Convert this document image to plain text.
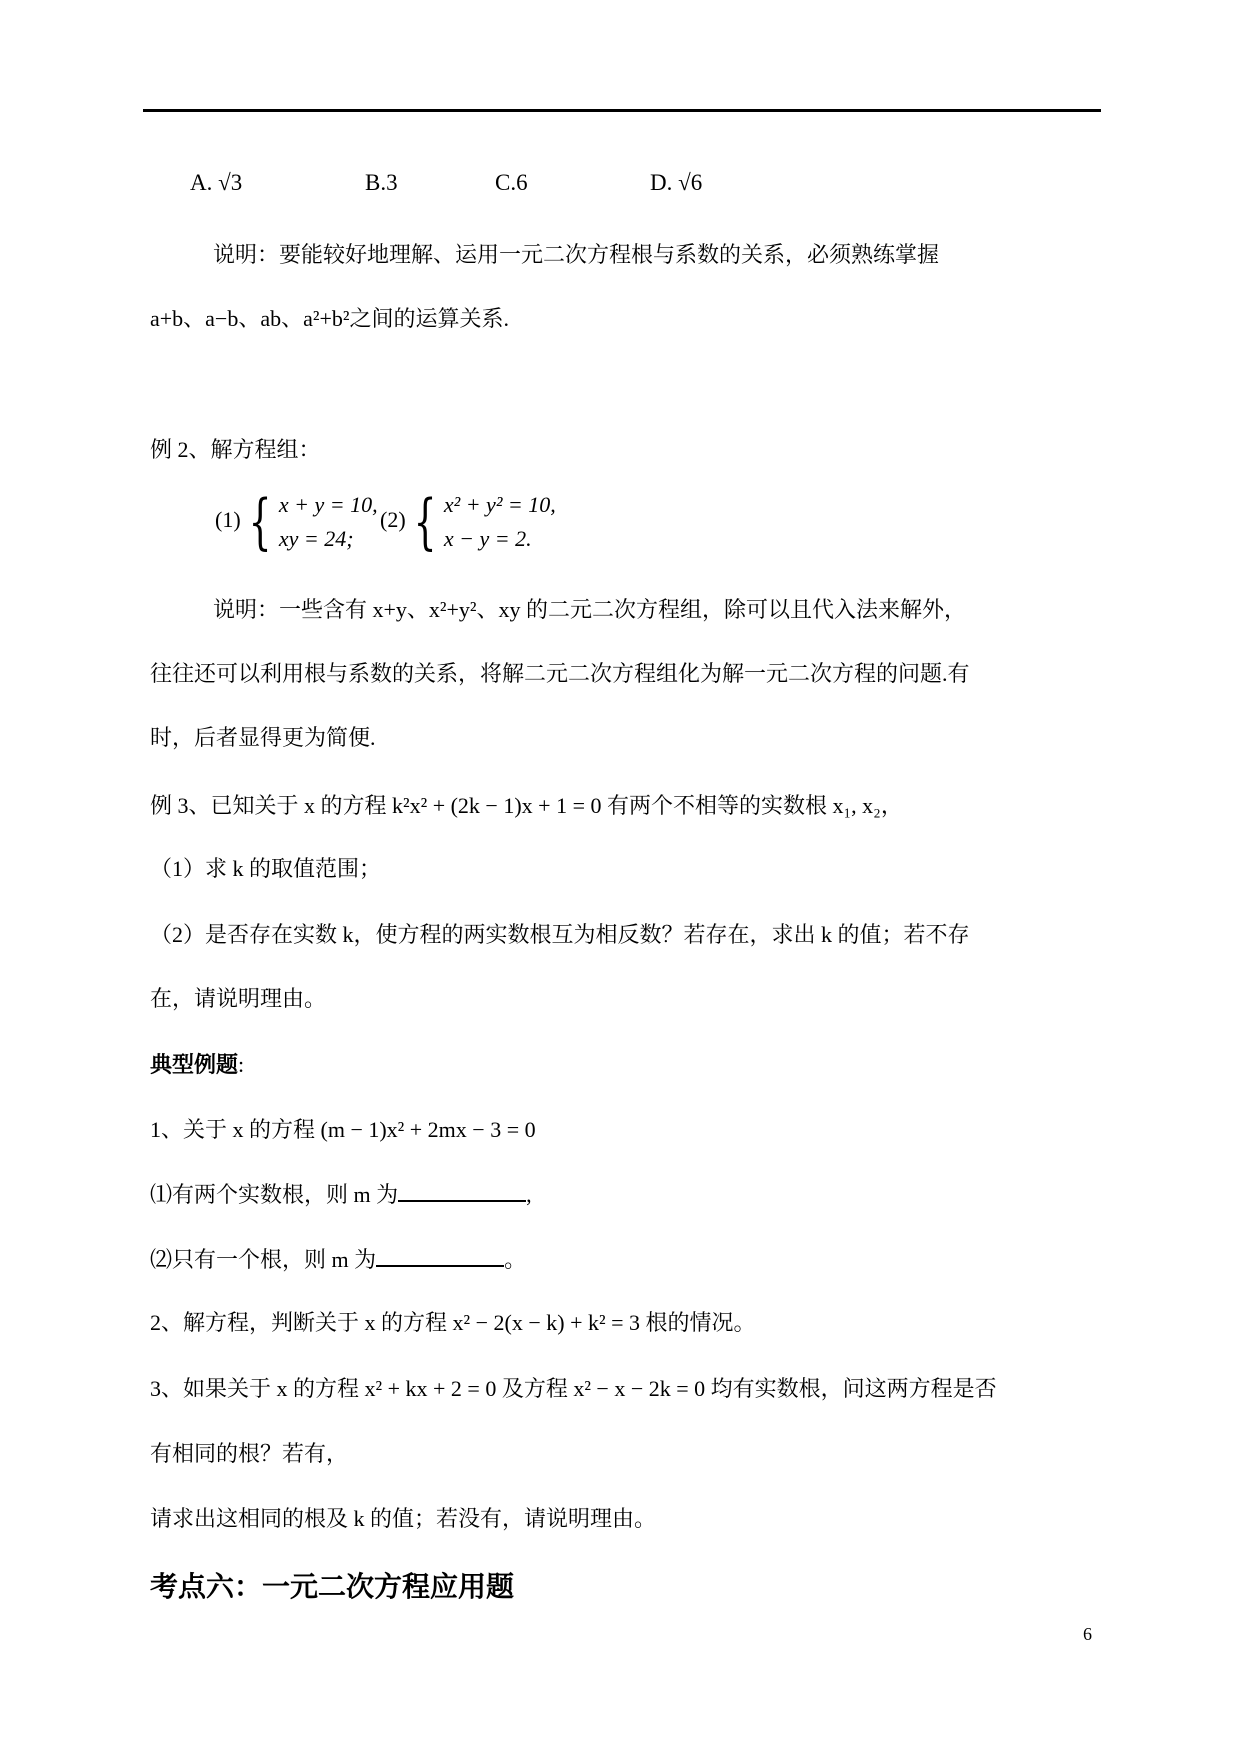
A. √3	B.3	C.6	D. √6
说明：要能较好地理解、运用一元二次方程根与系数的关系，必须熟练掌握
a+b、a−b、ab、a²+b²之间的运算关系.
例 2、解方程组：
(1) { x + y = 10,
xy = 24;
(2) { x² + y² = 10,
x − y = 2.
说明：一些含有 x+y、x²+y²、xy 的二元二次方程组，除可以且代入法来解外，
往往还可以利用根与系数的关系，将解二元二次方程组化为解一元二次方程的问题.有
时，后者显得更为简便.
例 3、已知关于 x 的方程 k²x² + (2k − 1)x + 1 = 0 有两个不相等的实数根 x₁, x₂，
（1）求 k 的取值范围；
（2）是否存在实数 k，使方程的两实数根互为相反数？若存在，求出 k 的值；若不存
在，请说明理由。
典型例题:
1、关于 x 的方程 (m − 1)x² + 2mx − 3 = 0
⑴有两个实数根，则 m 为	,
⑵只有一个根，则 m 为	。
2、解方程，判断关于 x 的方程 x² − 2(x − k) + k² = 3 根的情况。
3、如果关于 x 的方程 x² + kx + 2 = 0 及方程 x² − x − 2k = 0 均有实数根，问这两方程是否
有相同的根？若有，
请求出这相同的根及 k 的值；若没有，请说明理由。
考点六：一元二次方程应用题
6
